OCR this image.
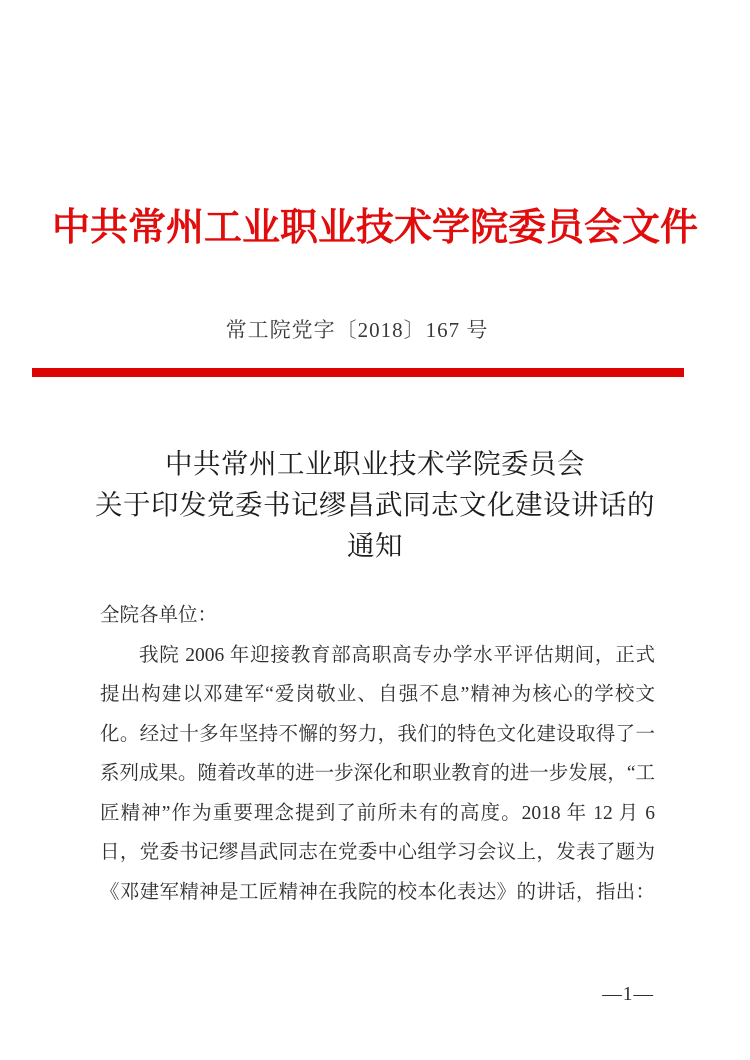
中共常州工业职业技术学院委员会文件
常工院党字〔2018〕167 号
中共常州工业职业技术学院委员会
关于印发党委书记缪昌武同志文化建设讲话的
通知
全院各单位：
我院 2006 年迎接教育部高职高专办学水平评估期间，正式
提出构建以邓建军“爱岗敬业、自强不息”精神为核心的学校文
化。经过十多年坚持不懈的努力，我们的特色文化建设取得了一
系列成果。随着改革的进一步深化和职业教育的进一步发展，“工
匠精神”作为重要理念提到了前所未有的高度。2018 年 12 月 6
日，党委书记缪昌武同志在党委中心组学习会议上，发表了题为
《邓建军精神是工匠精神在我院的校本化表达》的讲话，指出：
—1—
